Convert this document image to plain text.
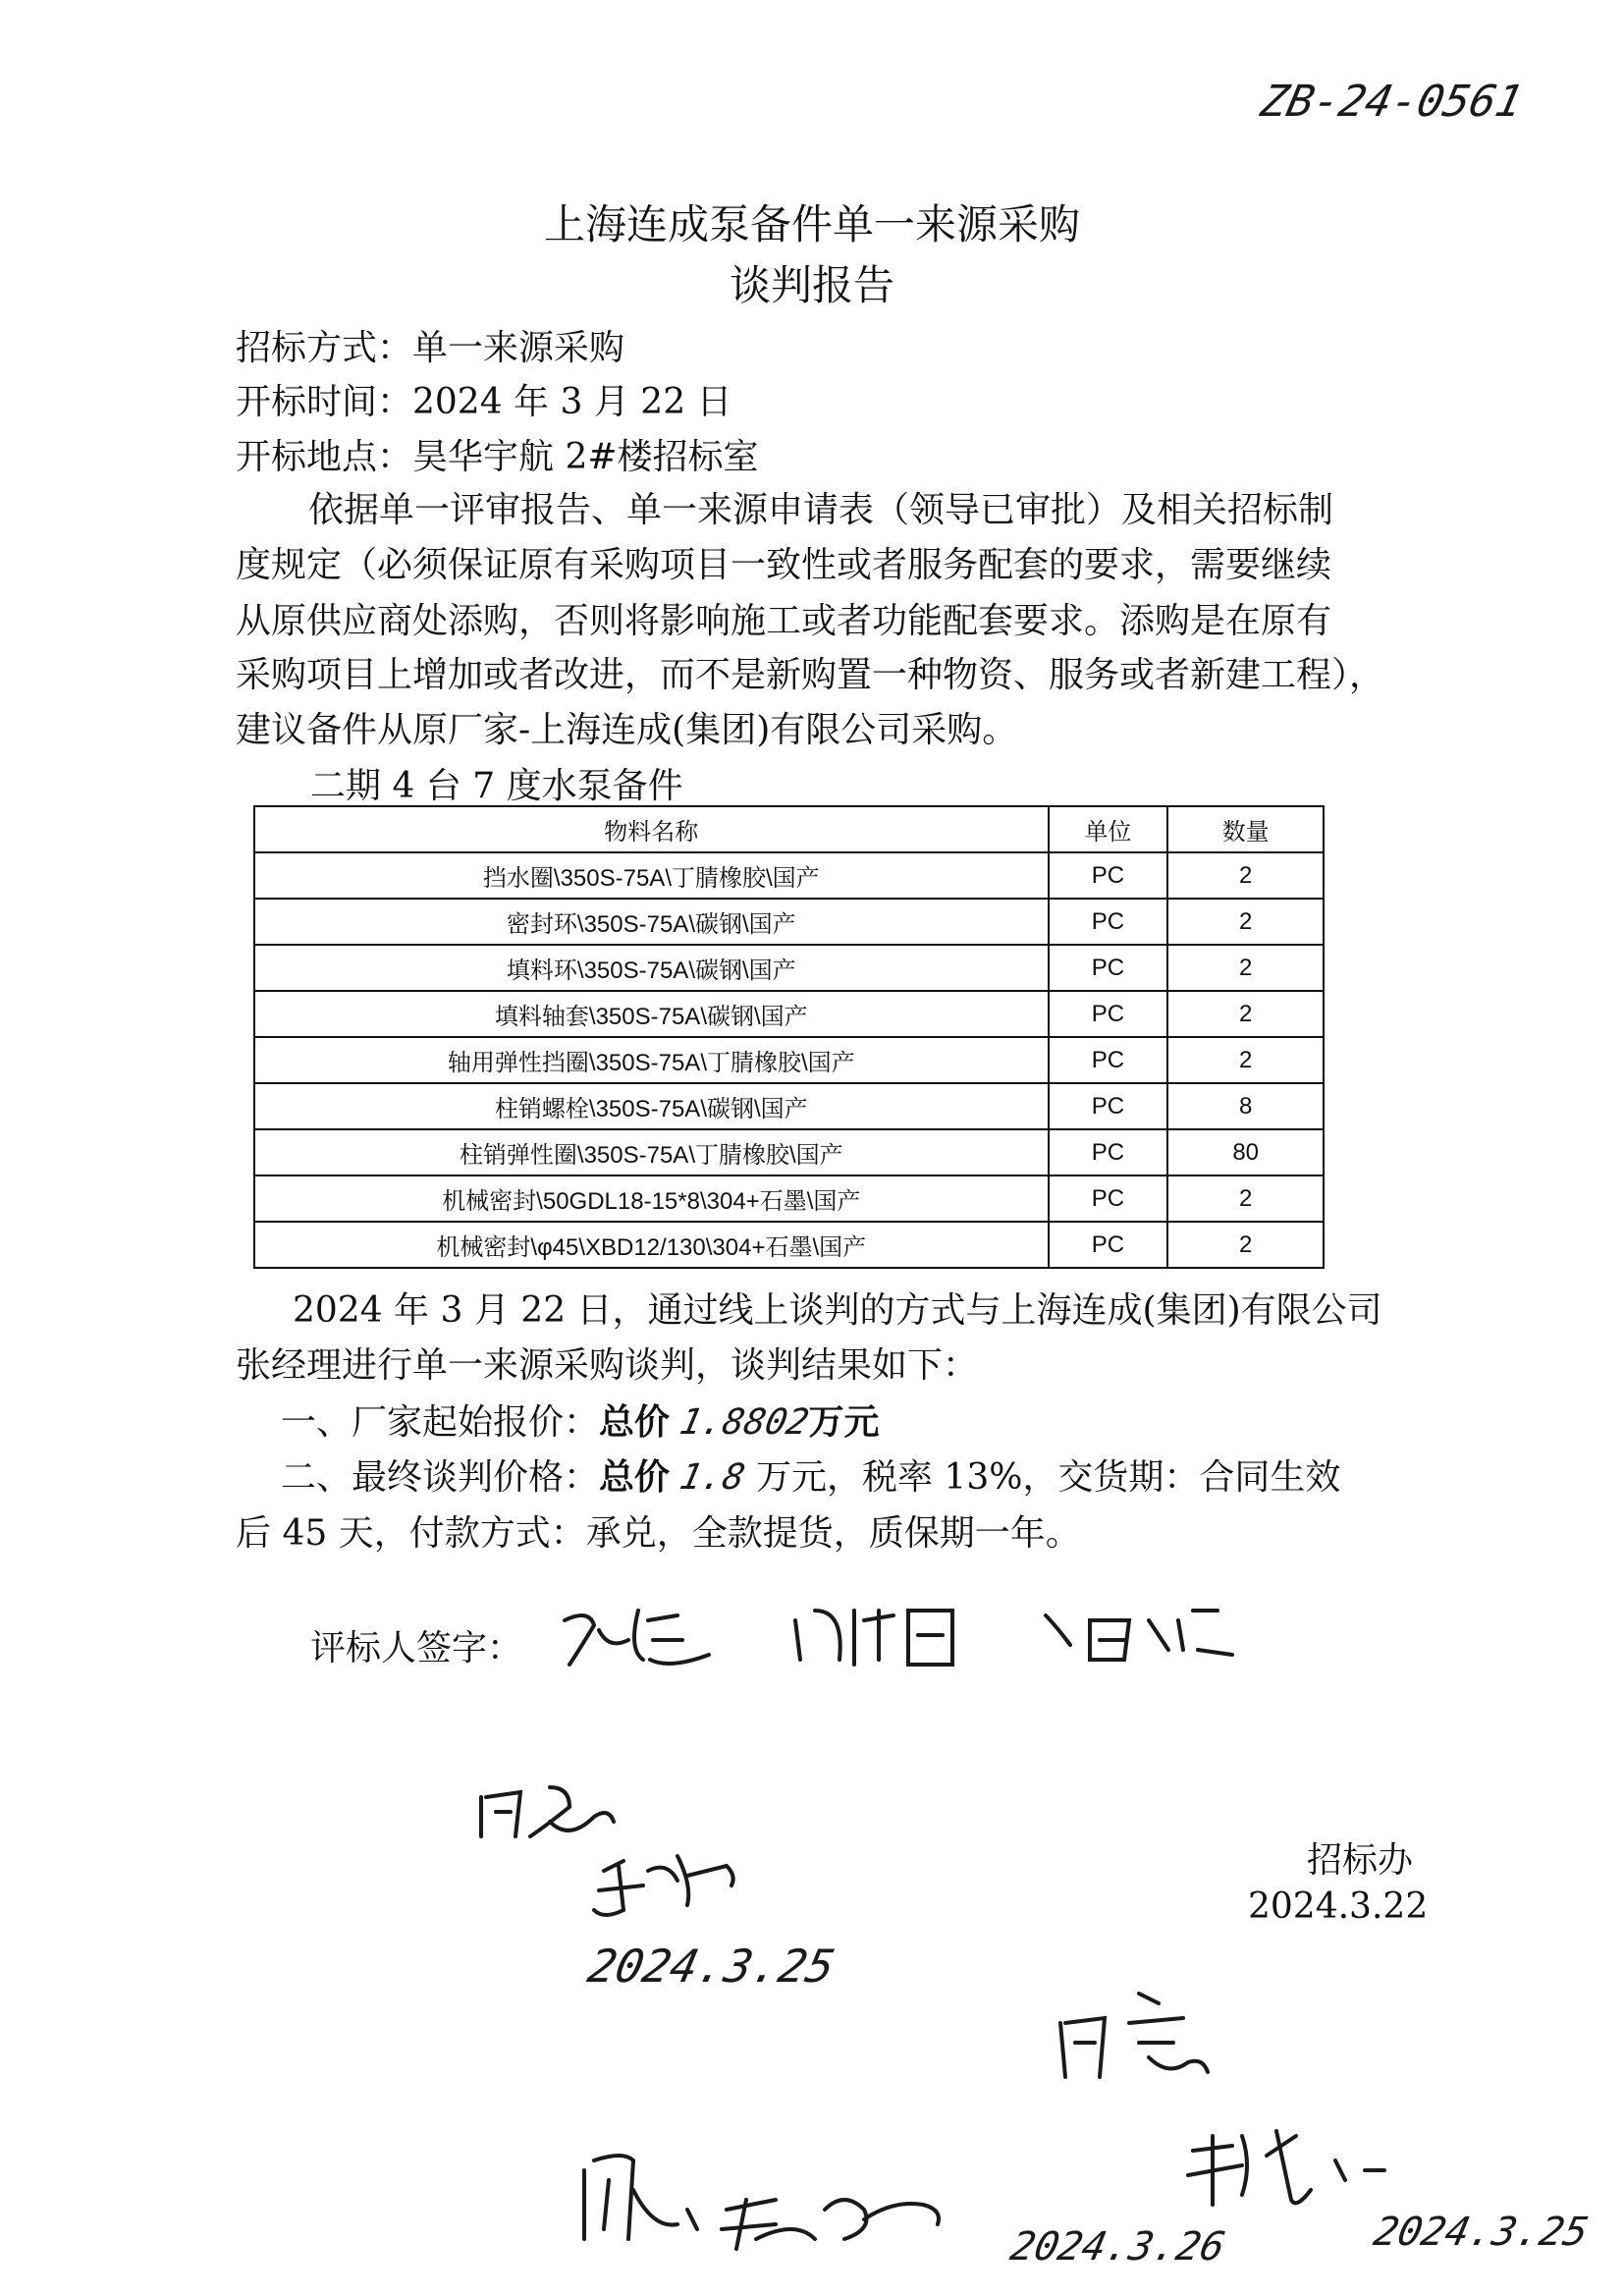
ZB-24-0561
上海连成泵备件单一来源采购
谈判报告
招标方式：单一来源采购
开标时间：2024 年 3 月 22 日
开标地点：昊华宇航 2#楼招标室
依据单一评审报告、单一来源申请表（领导已审批）及相关招标制
度规定（必须保证原有采购项目一致性或者服务配套的要求，需要继续
从原供应商处添购，否则将影响施工或者功能配套要求。添购是在原有
采购项目上增加或者改进，而不是新购置一种物资、服务或者新建工程），
建议备件从原厂家-上海连成(集团)有限公司采购。
二期 4 台 7 度水泵备件
物料名称	单位	数量
挡水圈\350S-75A\丁腈橡胶\国产	PC	2
密封环\350S-75A\碳钢\国产	PC	2
填料环\350S-75A\碳钢\国产	PC	2
填料轴套\350S-75A\碳钢\国产	PC	2
轴用弹性挡圈\350S-75A\丁腈橡胶\国产	PC	2
柱销螺栓\350S-75A\碳钢\国产	PC	8
柱销弹性圈\350S-75A\丁腈橡胶\国产	PC	80
机械密封\50GDL18-15*8\304+石墨\国产	PC	2
机械密封\φ45\XBD12/130\304+石墨\国产	PC	2
2024 年 3 月 22 日，通过线上谈判的方式与上海连成(集团)有限公司
张经理进行单一来源采购谈判，谈判结果如下：
一、厂家起始报价：总价 1.8802万元
二、最终谈判价格：总价 1.8 万元，税率 13%，交货期：合同生效
后 45 天，付款方式：承兑，全款提货，质保期一年。
评标人签字：
招标办
2024.3.22
2024.3.25
2024.3.25
2024.3.26
